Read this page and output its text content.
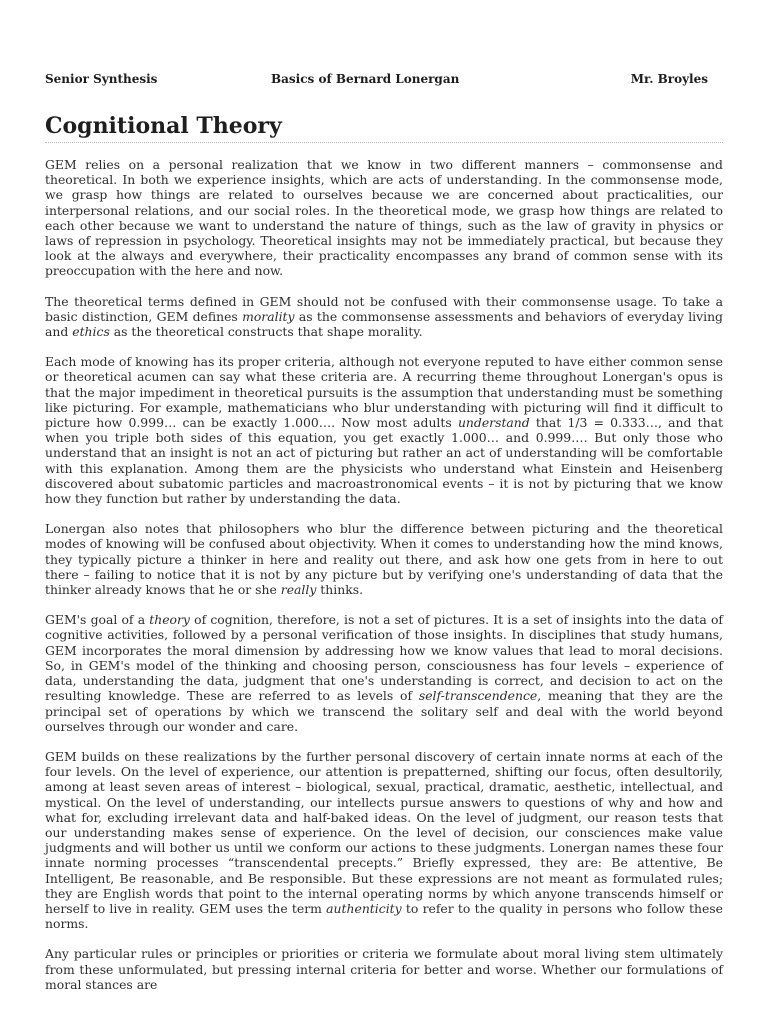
Senior Synthesis	Basics of Bernard Lonergan	Mr. Broyles
Cognitional Theory

GEM relies on a personal realization that we know in two different manners – commonsense and theoretical. In both we experience insights, which are acts of understanding. In the commonsense mode, we grasp how things are related to ourselves because we are concerned about practicalities, our interpersonal relations, and our social roles. In the theoretical mode, we grasp how things are related to each other because we want to understand the nature of things, such as the law of gravity in physics or laws of repression in psychology. Theoretical insights may not be immediately practical, but because they look at the always and everywhere, their practicality encompasses any brand of common sense with its preoccupation with the here and now.

The theoretical terms defined in GEM should not be confused with their commonsense usage. To take a basic distinction, GEM defines morality as the commonsense assessments and behaviors of everyday living and ethics as the theoretical constructs that shape morality.

Each mode of knowing has its proper criteria, although not everyone reputed to have either common sense or theoretical acumen can say what these criteria are. A recurring theme throughout Lonergan's opus is that the major impediment in theoretical pursuits is the assumption that understanding must be something like picturing. For example, mathematicians who blur understanding with picturing will find it difficult to picture how 0.999… can be exactly 1.000…. Now most adults understand that 1/3 = 0.333…, and that when you triple both sides of this equation, you get exactly 1.000… and 0.999…. But only those who understand that an insight is not an act of picturing but rather an act of understanding will be comfortable with this explanation. Among them are the physicists who understand what Einstein and Heisenberg discovered about subatomic particles and macroastronomical events – it is not by picturing that we know how they function but rather by understanding the data.

Lonergan also notes that philosophers who blur the difference between picturing and the theoretical modes of knowing will be confused about objectivity. When it comes to understanding how the mind knows, they typically picture a thinker in here and reality out there, and ask how one gets from in here to out there – failing to notice that it is not by any picture but by verifying one's understanding of data that the thinker already knows that he or she really thinks.

GEM's goal of a theory of cognition, therefore, is not a set of pictures. It is a set of insights into the data of cognitive activities, followed by a personal verification of those insights. In disciplines that study humans, GEM incorporates the moral dimension by addressing how we know values that lead to moral decisions. So, in GEM's model of the thinking and choosing person, consciousness has four levels – experience of data, understanding the data, judgment that one's understanding is correct, and decision to act on the resulting knowledge. These are referred to as levels of self-transcendence, meaning that they are the principal set of operations by which we transcend the solitary self and deal with the world beyond ourselves through our wonder and care.

GEM builds on these realizations by the further personal discovery of certain innate norms at each of the four levels. On the level of experience, our attention is prepatterned, shifting our focus, often desultorily, among at least seven areas of interest – biological, sexual, practical, dramatic, aesthetic, intellectual, and mystical. On the level of understanding, our intellects pursue answers to questions of why and how and what for, excluding irrelevant data and half-baked ideas. On the level of judgment, our reason tests that our understanding makes sense of experience. On the level of decision, our consciences make value judgments and will bother us until we conform our actions to these judgments. Lonergan names these four innate norming processes “transcendental precepts.” Briefly expressed, they are: Be attentive, Be Intelligent, Be reasonable, and Be responsible. But these expressions are not meant as formulated rules; they are English words that point to the internal operating norms by which anyone transcends himself or herself to live in reality. GEM uses the term authenticity to refer to the quality in persons who follow these norms.

Any particular rules or principles or priorities or criteria we formulate about moral living stem ultimately from these unformulated, but pressing internal criteria for better and worse. Whether our formulations of moral stances are
